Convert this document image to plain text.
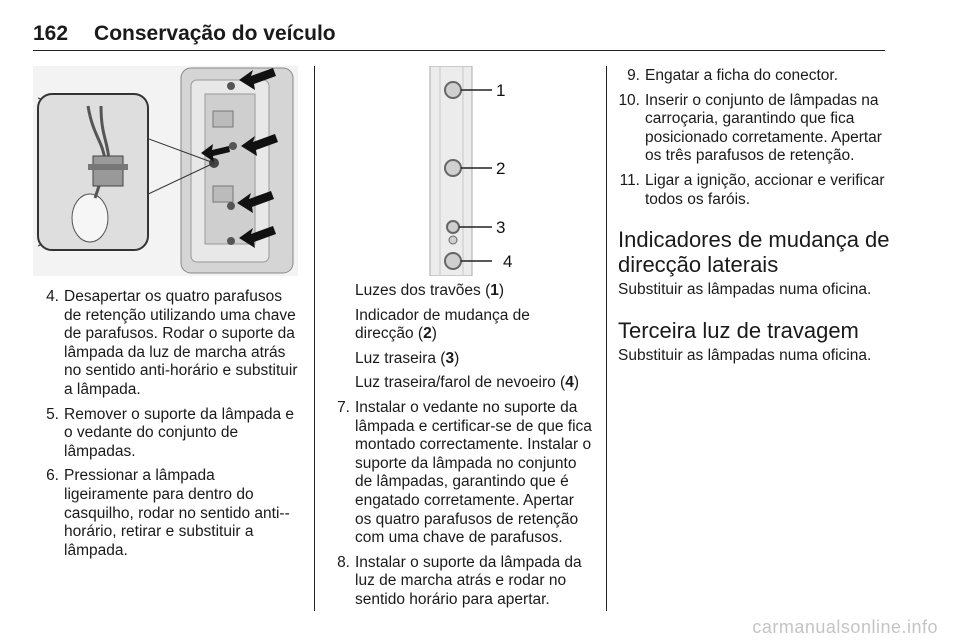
162 Conservação do veículo
1
2
3
4
4. Desapertar os quatro parafusos de retenção utilizando uma chave de parafusos. Rodar o suporte da lâmpada da luz de marcha atrás no sentido anti-horário e substituir a lâmpada.
5. Remover o suporte da lâmpada e o vedante do conjunto de lâmpadas.
6. Pressionar a lâmpada ligeiramente para dentro do casquilho, rodar no sentido anti--horário, retirar e substituir a lâmpada.
Luzes dos travões (1)
Indicador de mudança de direcção (2)
Luz traseira (3)
Luz traseira/farol de nevoeiro (4)
7. Instalar o vedante no suporte da lâmpada e certificar-se de que fica montado correctamente. Instalar o suporte da lâmpada no conjunto de lâmpadas, garantindo que é engatado corretamente. Apertar os quatro parafusos de retenção com uma chave de parafusos.
8. Instalar o suporte da lâmpada da luz de marcha atrás e rodar no sentido horário para apertar.
9. Engatar a ficha do conector.
10. Inserir o conjunto de lâmpadas na carroçaria, garantindo que fica posicionado corretamente. Apertar os três parafusos de retenção.
11. Ligar a ignição, accionar e verificar todos os faróis.
Indicadores de mudança de direcção laterais
Substituir as lâmpadas numa oficina.
Terceira luz de travagem
Substituir as lâmpadas numa oficina.
carmanualsonline.info
